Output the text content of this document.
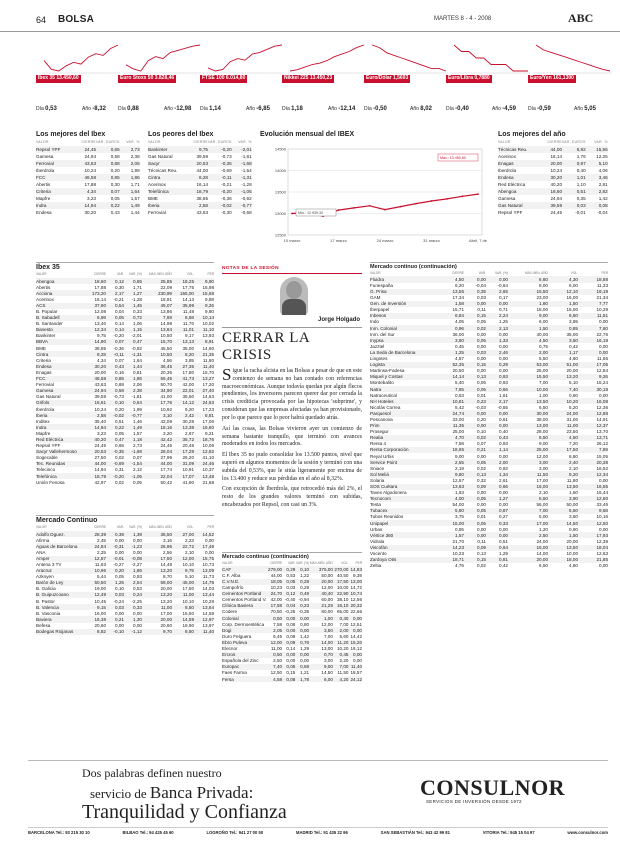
64 BOLSA	MARTES 8 - 4 - 2008	ABC
Ibex 35 13.450,60
Día 0,53	Año -8,32
Euro Stoxx 50 3.828,46
Día 0,88	Año -12,98
FTSE 100 6.014,80
Día 1,14	Año -6,85
Nikkei 225 13.450,23
Día 1,18	Año -12,14
Euro/Dólar 1,5693
Día -0,50	Año 8,02
Euro/Libra 0,7880
Día -0,40	Año -4,59
Euro/Yen 161,1300
Día -0,59	Año 5,05
Los mejores del Ibex
VALOR	CIERRE	VAR. EUROS	VAR. %
Repsol YPF	24,45	0,65	2,73
Gamesa	24,94	0,58	2,38
Ferrovial	43,63	0,88	2,06
Iberdrola	10,24	0,20	1,99
FCC	46,58	0,85	1,86
Abertis	17,88	0,30	1,71
Criteria	4,34	0,07	1,64
Mapfre	3,23	0,05	1,57
Indra	14,94	0,22	1,49
Endesa	30,20	0,43	1,44
Los peores del Ibex
VALOR	CIERRE	VAR. EUROS	VAR. %
Bankinter	9,75	-0,20	-2,01
Gas Natural	39,59	-0,73	-1,81
Sacyr	20,53	-0,35	-1,68
Técnicas Reu.	44,00	-0,69	-1,54
Cintra	8,28	-0,11	-1,31
Acerinox	16,14	-0,21	-1,28
Telefónica	18,79	-0,20	-1,05
BME	38,85	-0,36	-0,92
Iberia	2,58	-0,02	-0,77
Ferrovial	43,63	-0,30	-0,68
Evolución mensual del IBEX
14500
14000
13500
13000
12500
10 marzo	17 marzo	24 marzo	31 marzo	Abril, 7 de
Máx.: 13.450,60
Mín.: 12.939,30
Los mejores del año
VALOR	CIERRE	VAR. EUROS	VAR. %
Técnicas Reu.	44,00	5,92	15,55
Acerinox	16,14	1,76	12,25
Enagas	20,00	0,97	5,10
Iberdrola	10,24	0,40	4,06
Endesa	30,20	1,01	3,46
Red Eléctrica	40,20	1,10	2,81
Abengoa	18,60	0,51	2,82
Gamesa	24,94	0,35	1,42
Gas Natural	39,59	0,03	0,08
Repsol YPF	24,45	-0,01	-0,04
Ibex 35
VALOR	CIERRE	VAR.	VAR. (%)	MÁX./MÍN. AÑO	VOL.	PER
Abengoa	18,60	0,12	0,65	25,85	18,25	9,90
Abertis	17,88	0,30	1,71	22,09	17,75	15,98
Acciona	173,20	2,17	1,27	230,99	155,00	15,68
Acerinox	16,14	-0,21	-1,28	18,91	14,13	9,88
ACS	37,90	0,54	1,45	45,07	35,99	9,26
B. Popular	12,08	0,04	0,33	13,86	11,48	9,80
B. Sabadell	6,98	0,05	0,72	7,69	6,68	10,14
B. Santander	13,40	0,14	1,06	14,98	11,70	10,02
Banesto	12,34	0,14	1,15	13,84	11,01	11,10
Bankinter	9,75	-0,20	-2,01	10,50	9,17	13,93
BBVA	14,90	0,07	0,47	15,70	13,13	8,91
BME	38,85	-0,36	-0,92	45,50	35,00	14,60
Cintra	8,28	-0,11	-1,31	10,50	8,20	21,35
Criteria	4,34	0,07	1,64	4,56	3,85	11,80
Endesa	30,20	0,43	1,44	36,45	27,35	11,40
Enagas	20,00	0,16	0,81	20,35	17,80	15,70
FCC	46,58	0,85	1,86	56,45	41,73	13,27
Ferrovial	43,63	0,88	2,06	50,70	42,00	17,20
Gamesa	24,94	0,58	2,38	34,90	22,01	27,40
Gas Natural	39,59	-0,73	-1,81	41,00	35,60	14,63
Grifols	15,61	0,10	0,64	17,76	14,12	24,53
Iberdrola	10,24	0,20	1,99	10,92	9,20	17,23
Iberia	2,58	-0,02	-0,77	3,10	2,42	8,81
Inditex	35,40	0,51	1,46	42,09	30,28	17,06
Indra	14,94	0,22	1,49	18,16	13,38	16,60
Mapfre	3,23	0,05	1,57	3,20	2,67	9,21
Red Eléctrica	40,20	0,47	1,18	42,42	35,72	18,76
Repsol YPF	24,45	0,65	2,73	24,45	20,48	10,06
Sacyr Vallehermoso	20,53	-0,35	-1,68	28,04	17,28	12,82
Sogecable	27,50	0,02	0,07	27,99	26,20	41,10
Tec. Reunidas	44,00	-0,69	-1,54	44,00	31,09	24,46
Telecinco	14,94	0,31	2,12	17,74	10,91	10,37
Telefónica	18,79	-0,20	-1,05	22,04	17,07	13,48
Unión Fenosa	42,97	0,02	0,05	50,42	41,90	21,68
Mercado Continuo
VALOR	CIERRE	VAR.	VAR. (%)	MÁX./MÍN. AÑO	VOL.	PER
Adolfo Dguez.	28,39	0,39	1,39	38,50	27,00	14,52
Afirma	2,45	0,00	0,00	3,16	2,23	0,00
Aguas de Barcelona	24,84	-0,31	-1,23	26,95	22,72	17,49
ANA	2,25	0,00	0,00	2,56	2,10	0,00
Amper	12,87	-0,01	-0,08	17,50	12,00	15,75
Antena 3 TV	11,63	-0,27	-2,27	14,48	10,10	10,73
Aracruz	10,96	0,20	1,86	13,20	9,75	13,09
Azkoyen	5,44	0,05	0,93	8,70	5,10	11,73
Barón de Ley	50,50	1,25	2,54	58,00	45,00	14,78
B. Galicia	19,00	0,10	0,53	20,00	17,50	14,03
B. Guipuzcoano	12,49	0,03	0,24	13,20	11,00	13,44
B. Pastor	10,45	-0,24	-2,25	13,20	10,10	10,28
B. Valencia	9,15	0,03	0,33	11,00	8,50	13,64
B. Vasconia	16,00	0,00	0,00	17,00	15,50	14,59
Baviera	16,38	0,21	1,30	20,00	14,59	12,97
Befesa	20,60	0,00	0,00	20,60	18,90	13,97
Bodegas Riojanas	8,82	-0,10	-1,12	9,70	8,50	11,40
NOTAS DE LA SESIÓN
Jorge Holgado
CERRAR LA CRISIS

Sigue la racha alcista en las Bolsas a pesar de que en este comienzo de semana no han contado con referencias macroeconómicas. Aunque todavía quedan por algún flecos pendientes, los inversores parecen querer dar por cerrada la crisis crediticia provocada por las hipotecas 'subprime', y consideran que las empresas afectadas ya han provisionado, por lo que parece que lo peor habrá quedado atrás.

Así las cosas, las Bolsas vivieron ayer un comienzo de semana bastante tranquilo, que terminó con avances moderados en todos los mercados.

El Ibex 35 no pudo consolidar los 13.500 puntos, nivel que superó en algunos momentos de la sesión y terminó con una subida del 0,53%, que le sitúa ligeramente por encima de los 13.400 y reduce sus pérdidas en el año al 8,32%.

Con excepción de Iberdrola, que retrocedió más del 2%, el resto de los grandes valores terminó con subidas, encabezados por Repsol, con casi un 3%.

Mercado continuo (continuación)
VALOR	CIERRE	VAR.	VAR. (%)	MÁX./MÍN. AÑO	VOL.	PER
CAF	279,00	0,29	0,10	375,00	270,00	14,83
C.F. Alba	44,00	0,53	1,22	50,00	40,50	9,39
C.V.N.E.	18,05	0,05	0,28	20,00	17,50	13,00
Campofrío	10,23	0,03	0,29	12,00	10,00	14,72
Cementos Portland	24,70	0,12	0,49	40,40	22,90	10,74
Cementos Portland V.	42,00	-0,40	-0,94	60,00	38,10	12,56
Clínica Baviera	17,58	0,04	0,23	21,29	16,10	20,32
Codere	70,50	-0,25	-0,35	80,00	65,00	22,66
Colonial	0,50	0,00	0,00	1,00	0,40	0,00
Corp. Dermoestética	7,58	0,06	0,80	12,00	7,00	12,51
Dogi	2,05	0,00	0,00	3,50	2,00	0,00
Duro Felguera	6,45	0,09	1,42	7,00	5,60	14,42
Ebro Puleva	12,00	0,09	0,76	14,00	11,20	15,20
Elecnor	11,00	0,14	1,29	13,00	10,20	16,12
Ercros	0,50	0,00	0,00	0,70	0,45	0,00
Española del Zinc	2,50	0,00	0,00	3,00	2,20	0,00
Europac	7,40	0,05	0,68	9,00	7,00	11,40
Faes Farma	12,50	0,15	1,21	14,50	11,50	18,57
Fersa	4,58	0,08	1,78	6,00	4,20	24,12
Mercado continuo (continuación)
VALOR	CIERRE	VAR.	VAR. (%)	MÁX./MÍN. AÑO	VOL.	PER
Fluidra	4,50	0,00	0,00	6,60	4,30	18,88
Funespaña	6,20	-0,04	-0,64	8,00	6,00	11,33
G. Prisa	13,55	0,35	2,65	15,50	12,10	19,19
GAM	17,34	0,03	0,17	23,00	16,00	21,34
Gen. de Inversión	1,58	0,00	0,00	1,80	1,50	7,77
Iberpapel	15,71	0,11	0,71	18,00	15,00	10,29
Inbesos	6,84	0,15	2,24	9,00	6,50	11,51
Indo	4,05	0,05	1,25	6,00	3,95	0,00
Inm. Colonial	0,96	0,02	2,13	1,50	0,85	7,60
Inm. del Sur	36,00	0,00	0,00	40,00	35,00	22,76
Inypsa	3,80	0,05	1,33	4,50	3,50	16,19
Jazztel	0,45	0,00	0,00	0,75	0,42	0,00
La Seda de Barcelona	1,25	0,03	2,46	2,00	1,17	0,00
Lingotes	4,87	0,00	0,00	5,50	4,60	11,66
Logista	52,35	0,15	0,29	53,00	51,00	17,05
Martinsa-Fadesa	20,50	0,00	0,00	25,00	20,00	12,84
Miquel y Costas	14,14	0,13	0,93	15,50	13,20	9,26
Montebalito	5,40	0,05	0,93	7,00	5,10	15,24
Natra	7,65	0,05	0,66	10,00	7,40	30,19
Natraceutical	0,63	0,01	1,61	1,00	0,60	0,00
NH Hoteles	10,81	0,23	2,17	13,50	10,20	16,08
Nicolás Correa	5,42	-0,03	-0,55	6,50	5,20	12,36
Parquesol	24,74	0,00	0,00	30,00	24,00	12,88
Pescanova	33,00	0,20	0,61	38,00	31,00	14,91
Prim	11,35	0,00	0,00	13,00	11,00	12,37
Prosegur	25,00	0,10	0,40	28,00	23,50	13,70
Realia	4,70	0,02	0,43	6,50	4,50	13,71
Renta 4	7,58	0,07	0,93	9,00	7,20	26,12
Renta Corporación	18,65	0,21	1,14	25,00	17,50	7,89
Reyal Urbis	9,00	0,00	0,00	12,00	8,80	15,05
Service Point	2,55	0,05	2,00	3,00	2,40	20,38
Sniace	2,19	0,02	0,92	3,00	2,10	16,52
Sol Meliá	9,80	0,13	1,34	11,50	9,20	12,34
Solaria	12,57	0,32	2,61	17,00	11,80	0,00
SOS Cuétara	13,83	0,09	0,66	16,00	13,50	16,55
Tavex Algodonera	1,63	0,00	0,00	2,10	1,60	15,44
Tecnocom	4,00	0,05	1,27	5,50	3,90	12,60
Testa	54,00	0,00	0,00	56,00	50,00	33,46
Tubacex	5,80	0,05	0,87	7,00	5,50	9,58
Tubos Reunidos	3,75	0,01	0,27	5,00	3,60	10,16
Unipapel	15,00	0,05	0,33	17,00	14,50	12,50
Urbas	0,95	0,00	0,00	1,20	0,90	0,00
Vértice 360	1,57	0,00	0,00	2,50	1,50	17,93
Vidrala	21,70	0,11	0,51	24,00	20,00	12,39
Viscofán	14,23	0,09	0,64	16,00	13,50	18,04
Vocento	10,23	0,13	1,29	14,00	10,00	12,63
Zardoya Otis	18,71	0,15	0,81	20,00	18,00	21,85
Zeltia	4,76	0,02	0,42	6,50	4,60	0,00
Dos palabras definen nuestro
servicio de Banca Privada:
Tranquilidad y Confianza
CONSULNOR
SERVICIOS DE INVERSIÓN DESDE 1972
BARCELONA Tel.: 93 215 30 10	BILBAO Tel.: 94 425 45 60	LOGROÑO Tel.: 941 27 00 50	MADRID Tel.: 91 435 22 96	SAN SEBASTIÁN Tel.: 943 42 99 81	VITORIA Tel.: 945 15 04 97	www.consulnor.com
